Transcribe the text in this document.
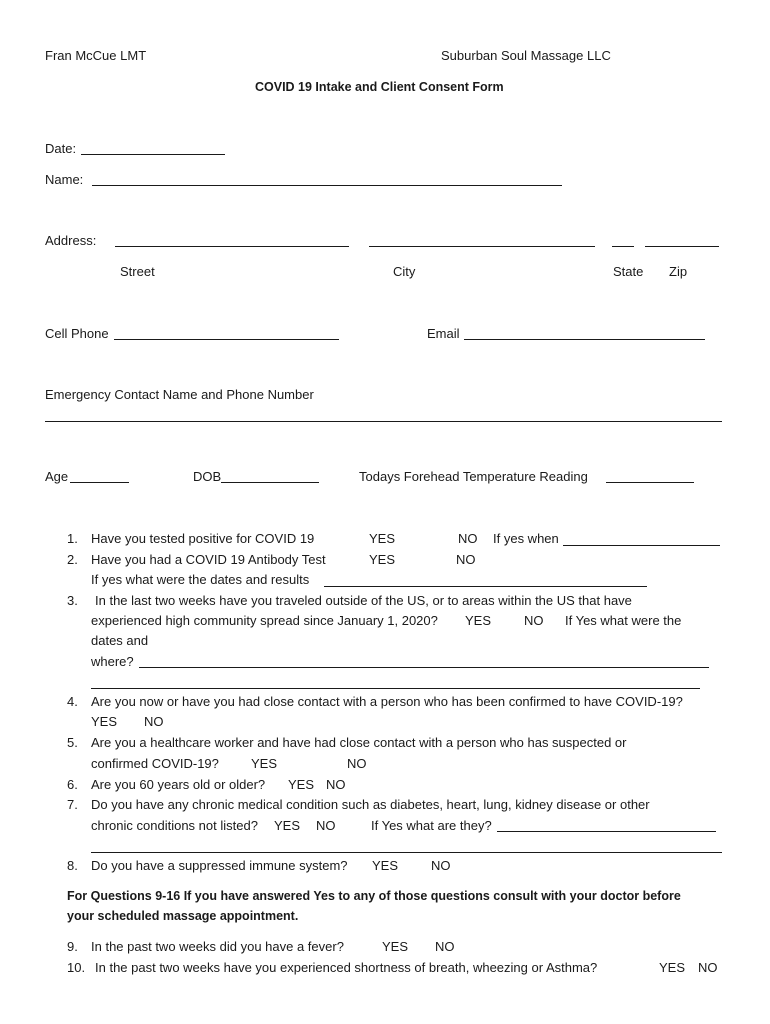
Fran McCue LMT	Suburban Soul Massage LLC
COVID 19 Intake and Client Consent Form
Date:
Name:
Address:
Street	City	State Zip
Cell Phone	Email
Emergency Contact Name and Phone Number
Age	DOB	Todays Forehead Temperature Reading
1. Have you tested positive for COVID 19	YES	NO If yes when
2. Have you had a COVID 19 Antibody Test	YES	NO
If yes what were the dates and results
3. In the last two weeks have you traveled outside of the US, or to areas within the US that have
experienced high community spread since January 1, 2020? YES	NO If Yes what were the
dates and
where?
4. Are you now or have you had close contact with a person who has been confirmed to have COVID-19?
YES NO
5. Are you a healthcare worker and have had close contact with a person who has suspected or
confirmed COVID-19? YES	NO
6. Are you 60 years old or older? YES NO
7. Do you have any chronic medical condition such as diabetes, heart, lung, kidney disease or other
chronic conditions not listed? YES NO	If Yes what are they?
8. Do you have a suppressed immune system? YES	NO
For Questions 9-16 If you have answered Yes to any of those questions consult with your doctor before
your scheduled massage appointment.
9. In the past two weeks did you have a fever?	YES NO
10. In the past two weeks have you experienced shortness of breath, wheezing or Asthma?	YES NO
